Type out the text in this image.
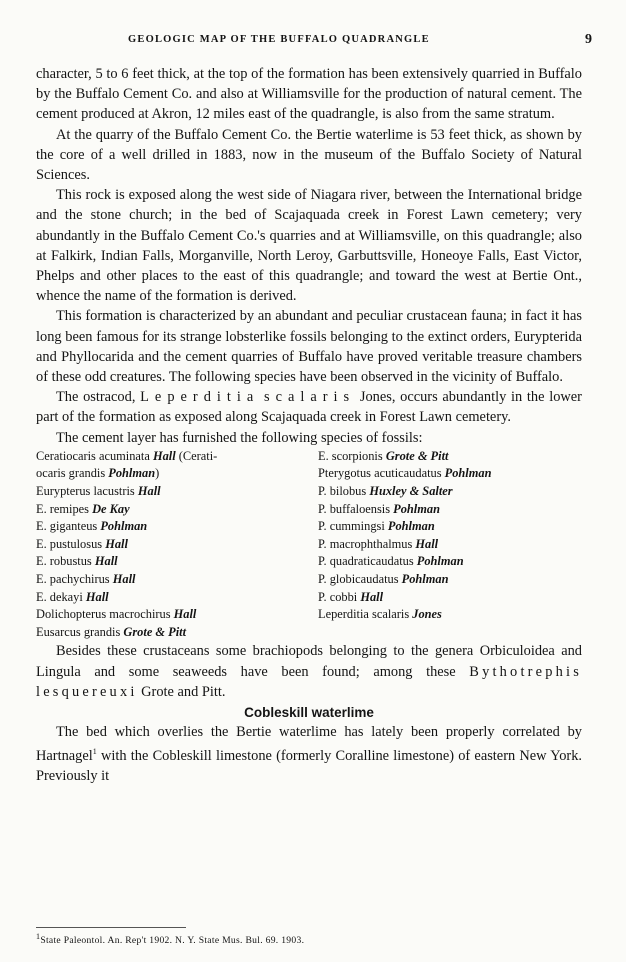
GEOLOGIC MAP OF THE BUFFALO QUADRANGLE	9

character, 5 to 6 feet thick, at the top of the formation has been extensively quarried in Buffalo by the Buffalo Cement Co. and also at Williamsville for the production of natural cement. The cement produced at Akron, 12 miles east of the quadrangle, is also from the same stratum.

At the quarry of the Buffalo Cement Co. the Bertie waterlime is 53 feet thick, as shown by the core of a well drilled in 1883, now in the museum of the Buffalo Society of Natural Sciences.

This rock is exposed along the west side of Niagara river, between the International bridge and the stone church; in the bed of Scajaquada creek in Forest Lawn cemetery; very abundantly in the Buffalo Cement Co.'s quarries and at Williamsville, on this quadrangle; also at Falkirk, Indian Falls, Morganville, North Leroy, Garbuttsville, Honeoye Falls, East Victor, Phelps and other places to the east of this quadrangle; and toward the west at Bertie Ont., whence the name of the formation is derived.

This formation is characterized by an abundant and peculiar crustacean fauna; in fact it has long been famous for its strange lobsterlike fossils belonging to the extinct orders, Eurypterida and Phyllocarida and the cement quarries of Buffalo have proved veritable treasure chambers of these odd creatures. The following species have been observed in the vicinity of Buffalo.

The ostracod, Leperditia scalaris Jones, occurs abundantly in the lower part of the formation as exposed along Scajaquada creek in Forest Lawn cemetery.

The cement layer has furnished the following species of fossils:

Ceratiocaris acuminata Hall (Cerati-
ocaris grandis Pohlman)
Eurypterus lacustris Hall
E. remipes De Kay
E. giganteus Pohlman
E. pustulosus Hall
E. robustus Hall
E. pachychirus Hall
E. dekayi Hall
Dolichopterus macrochirus Hall
Eusarcus grandis Grote & Pitt
E. scorpionis Grote & Pitt
Pterygotus acuticaudatus Pohlman
P. bilobus Huxley & Salter
P. buffaloensis Pohlman
P. cummingsi Pohlman
P. macrophthalmus Hall
P. quadraticaudatus Pohlman
P. globicaudatus Pohlman
P. cobbi Hall
Leperditia scalaris Jones

Besides these crustaceans some brachiopods belonging to the genera Orbiculoidea and Lingula and some seaweeds have been found; among these Bythotrephis lesquereuxi Grote and Pitt.

Cobleskill waterlime

The bed which overlies the Bertie waterlime has lately been properly correlated by Hartnagel$^1$ with the Cobleskill limestone (formerly Coralline limestone) of eastern New York. Previously it

$^1$State Paleontol. An. Rep't 1902. N. Y. State Mus. Bul. 69. 1903.
